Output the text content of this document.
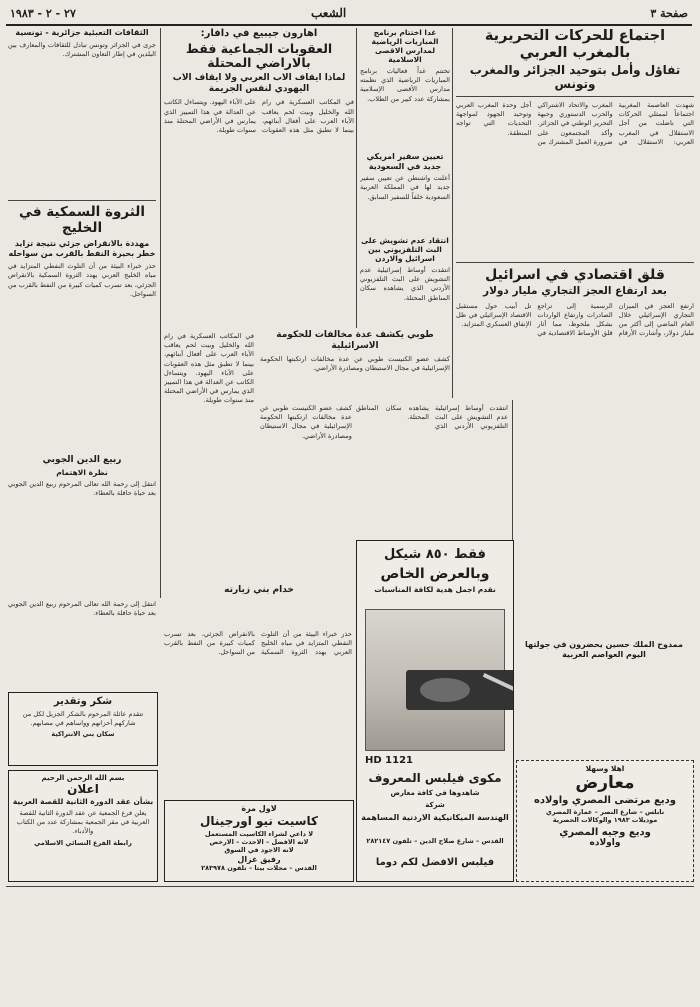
صفحة ٣
الشعب
٢٧ - ٢ - ١٩٨٣
اجتماع للحركات التحريرية بالمغرب العربي
تفاؤل وأمل بتوحيد الجزائر والمغرب وتونس

شهدت العاصمة المغربية اجتماعاً لممثلي الحركات التي ناضلت من أجل الاستقلال في المغرب العربي: الاستقلال في المغرب والاتحاد الاشتراكي والحزب الدستوري وجبهة التحرير الوطني في الجزائر. وأكد المجتمعون على ضرورة العمل المشترك من أجل وحدة المغرب العربي وتوحيد الجهود لمواجهة التحديات التي تواجه المنطقة.

قلق اقتصادي في اسرائيل
بعد ارتفاع العجز التجاري مليار دولار

ارتفع العجز في الميزان التجاري الإسرائيلي خلال العام الماضي إلى أكثر من مليار دولار، وأشارت الأرقام الرسمية إلى تراجع الصادرات وارتفاع الواردات بشكل ملحوظ، مما أثار قلق الأوساط الاقتصادية في تل أبيب حول مستقبل الاقتصاد الإسرائيلي في ظل الإنفاق العسكري المتزايد.

غدا اختتام برنامج المباريات الرياضية لمدارس الاقصى الاسلامية

تختتم غداً فعاليات برنامج المباريات الرياضية الذي نظمته مدارس الأقصى الإسلامية بمشاركة عدد كبير من الطلاب.

تعيين سفير امريكي جديد في السعودية

أعلنت واشنطن عن تعيين سفير جديد لها في المملكة العربية السعودية خلفاً للسفير السابق.

انتقاد عدم تشويش على البث التلفزيوني بين اسرائيل والاردن

انتقدت أوساط إسرائيلية عدم التشويش على البث التلفزيوني الأردني الذي يشاهده سكان المناطق المحتلة.

طوبي يكشف عدة مخالفات للحكومة الاسرائيلية

كشف عضو الكنيست طوبي عن عدة مخالفات ارتكبتها الحكومة الإسرائيلية في مجال الاستيطان ومصادرة الأراضي.

اهارون جيبيع في دافار:
العقوبات الجماعية فقط بالاراضي المحتلة
لماذا ايقاف الاب العربي ولا ايقاف الاب اليهودي لنفس الجريمة

في المكاتب العسكرية في رام الله والخليل وبيت لحم يعاقب الآباء العرب على أفعال أبنائهم، بينما لا تطبق مثل هذه العقوبات على الآباء اليهود. ويتساءل الكاتب عن العدالة في هذا التمييز الذي يمارس في الأراضي المحتلة منذ سنوات طويلة.

الثقافات التعبئية جزائرية - تونسية

جرى في الجزائر وتونس تبادل للثقافات والمعارف بين البلدين في إطار التعاون المشترك.

الثروة السمكية في الخليج
مهددة بالانقراض جزئي نتيجة تزايد خطر بحيرة النفط بالقرب من سواحله

حذر خبراء البيئة من أن التلوث النفطي المتزايد في مياه الخليج العربي يهدد الثروة السمكية بالانقراض الجزئي، بعد تسرب كميات كبيرة من النفط بالقرب من السواحل.

ربيع الدين الجوبي
نظرة الاهتمام

انتقل إلى رحمة الله تعالى المرحوم ربيع الدين الجوبي بعد حياة حافلة بالعطاء.

ممدوح الملك حسين يحضرون في جولتها اليوم العواصم العربية
خدام بني زيارته
فقط ٨٥٠ شيكل
وبالعرض الخاص
نقدم اجمل هدية لكافة المناسبات
HD 1121
مكوى فيلبس المعروف
شاهدوها في كافة معارض
شركة
الهندسة الميكانيكية الاردنية المساهمة
القدس – شارع صلاح الدين – تلفون ٢٨٢١٤٧
فيلبس الافضل لكم دوما
لاول مرة
كاسيت نيو اورجينال
لا داعي لشراء الكاسيت المستعمل
لانه الافضل – الاحدث – الارخص
لانه الاجود في السوق
رفيق غزال
القدس – محلات بيتا – تلفون ٢٨٣٩٧٨
اهلا وسهلا
معارض
وديع مرتضى المصري واولاده
نابلس – شارع النصر – عمارة المصري
موديلات ١٩٨٣ والوكالات الحصرية
وديع وجيه المصري
واولاده
شكر وتقدير

تتقدم عائلة المرحوم بالشكر الجزيل لكل من شاركهم أحزانهم وواساهم في مصابهم.

سكان بني الانتراكية
بسم الله الرحمن الرحيم
اعلان
بشأن عقد الدورة الثانية للقصة العربية

يعلن فرع الجمعية عن عقد الدورة الثانية للقصة العربية في مقر الجمعية بمشاركة عدد من الكتاب والأدباء.

رابطة الفرع النسائي الاسلامي

في المكاتب العسكرية في رام الله والخليل وبيت لحم يعاقب الآباء العرب على أفعال أبنائهم، بينما لا تطبق مثل هذه العقوبات على الآباء اليهود. ويتساءل الكاتب عن العدالة في هذا التمييز الذي يمارس في الأراضي المحتلة منذ سنوات طويلة.

كشف عضو الكنيست طوبي عن عدة مخالفات ارتكبتها الحكومة الإسرائيلية في مجال الاستيطان ومصادرة الأراضي.

حذر خبراء البيئة من أن التلوث النفطي المتزايد في مياه الخليج العربي يهدد الثروة السمكية بالانقراض الجزئي، بعد تسرب كميات كبيرة من النفط بالقرب من السواحل.

انتقدت أوساط إسرائيلية عدم التشويش على البث التلفزيوني الأردني الذي يشاهده سكان المناطق المحتلة.

انتقل إلى رحمة الله تعالى المرحوم ربيع الدين الجوبي بعد حياة حافلة بالعطاء.
